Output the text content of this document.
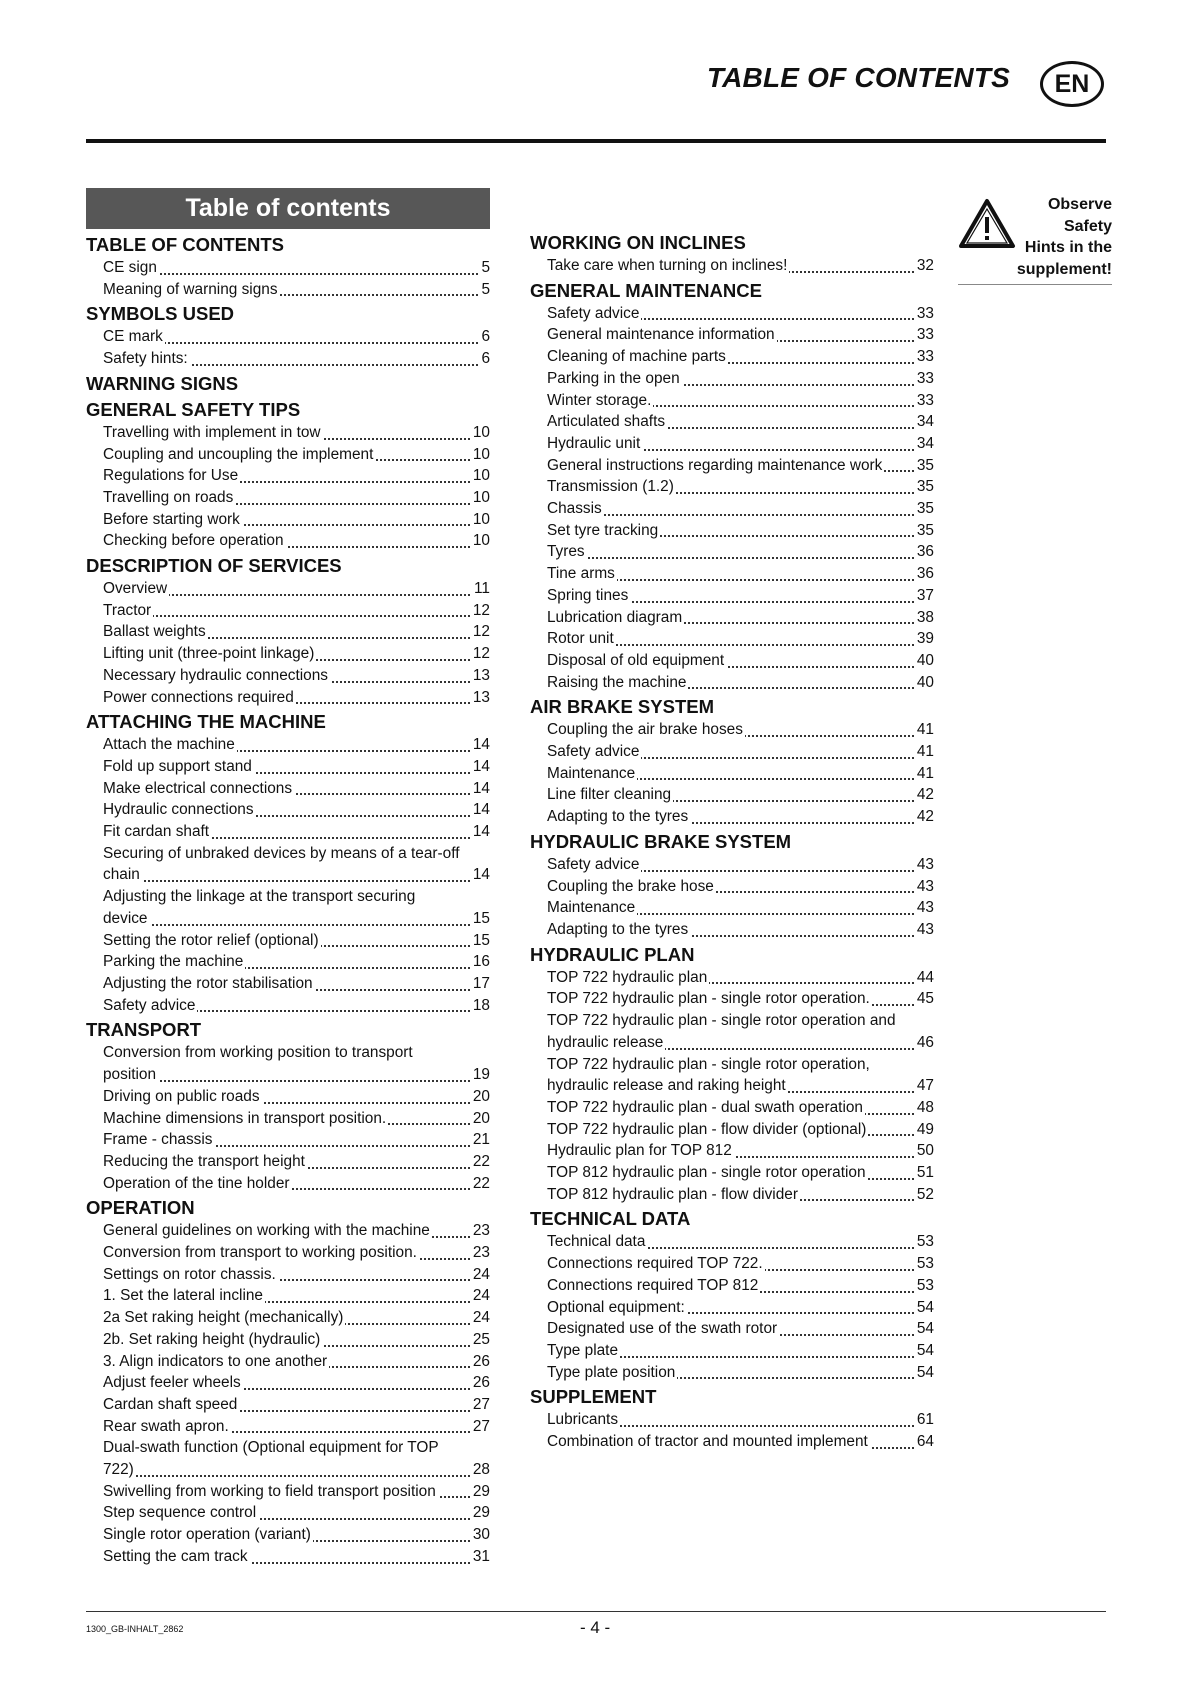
TABLE OF CONTENTS	EN
Table of contents
TABLE OF CONTENTS
CE sign	5
Meaning of warning signs	5
SYMBOLS USED
CE mark	6
Safety hints:	6
WARNING SIGNS
GENERAL SAFETY TIPS
Travelling with implement in tow	10
Coupling and uncoupling the implement	10
Regulations for Use	10
Travelling on roads	10
Before starting work	10
Checking before operation	10
DESCRIPTION OF SERVICES
Overview	11
Tractor	12
Ballast weights	12
Lifting unit (three-point linkage)	12
Necessary hydraulic connections	13
Power connections required	13
ATTACHING THE MACHINE
Attach the machine	14
Fold up support stand	14
Make electrical connections	14
Hydraulic connections	14
Fit cardan shaft	14
Securing of unbraked devices by means of a tear-off
chain	14
Adjusting the linkage at the transport securing
device	15
Setting the rotor relief (optional)	15
Parking the machine	16
Adjusting the rotor stabilisation	17
Safety advice	18
TRANSPORT
Conversion from working position to transport
position	19
Driving on public roads	20
Machine dimensions in transport position.	20
Frame - chassis	21
Reducing the transport height	22
Operation of the tine holder	22
OPERATION
General guidelines on working with the machine	23
Conversion from transport to working position.	23
Settings on rotor chassis.	24
1. Set the lateral incline	24
2a Set raking height (mechanically)	24
2b. Set raking height (hydraulic)	25
3. Align indicators to one another	26
Adjust feeler wheels	26
Cardan shaft speed	27
Rear swath apron.	27
Dual-swath function (Optional equipment for TOP
722)	28
Swivelling from working to field transport position 29
Step sequence control	29
Single rotor operation (variant)	30
Setting the cam track	31
WORKING ON INCLINES
Take care when turning on inclines!	32
GENERAL MAINTENANCE
Safety advice	33
General maintenance information	33
Cleaning of machine parts	33
Parking in the open	33
Winter storage.	33
Articulated shafts	34
Hydraulic unit	34
General instructions regarding maintenance work 35
Transmission (1.2)	35
Chassis	35
Set tyre tracking	35
Tyres	36
Tine arms	36
Spring tines	37
Lubrication diagram	38
Rotor unit	39
Disposal of old equipment	40
Raising the machine	40
AIR BRAKE SYSTEM
Coupling the air brake hoses	41
Safety advice	41
Maintenance	41
Line filter cleaning	42
Adapting to the tyres	42
HYDRAULIC BRAKE SYSTEM
Safety advice	43
Coupling the brake hose	43
Maintenance	43
Adapting to the tyres	43
HYDRAULIC PLAN
TOP 722 hydraulic plan	44
TOP 722 hydraulic plan - single rotor operation.	45
TOP 722 hydraulic plan - single rotor operation and
hydraulic release	46
TOP 722 hydraulic plan - single rotor operation,
hydraulic release and raking height	47
TOP 722 hydraulic plan - dual swath operation	48
TOP 722 hydraulic plan - flow divider (optional)	49
Hydraulic plan for TOP 812	50
TOP 812 hydraulic plan - single rotor operation	51
TOP 812 hydraulic plan - flow divider	52
TECHNICAL DATA
Technical data	53
Connections required TOP 722.	53
Connections required TOP 812	53
Optional equipment:	54
Designated use of the swath rotor	54
Type plate	54
Type plate position	54
SUPPLEMENT
Lubricants	61
Combination of tractor and mounted implement	64
Observe
Safety
Hints in the
supplement!
1300_GB-INHALT_2862	- 4 -
